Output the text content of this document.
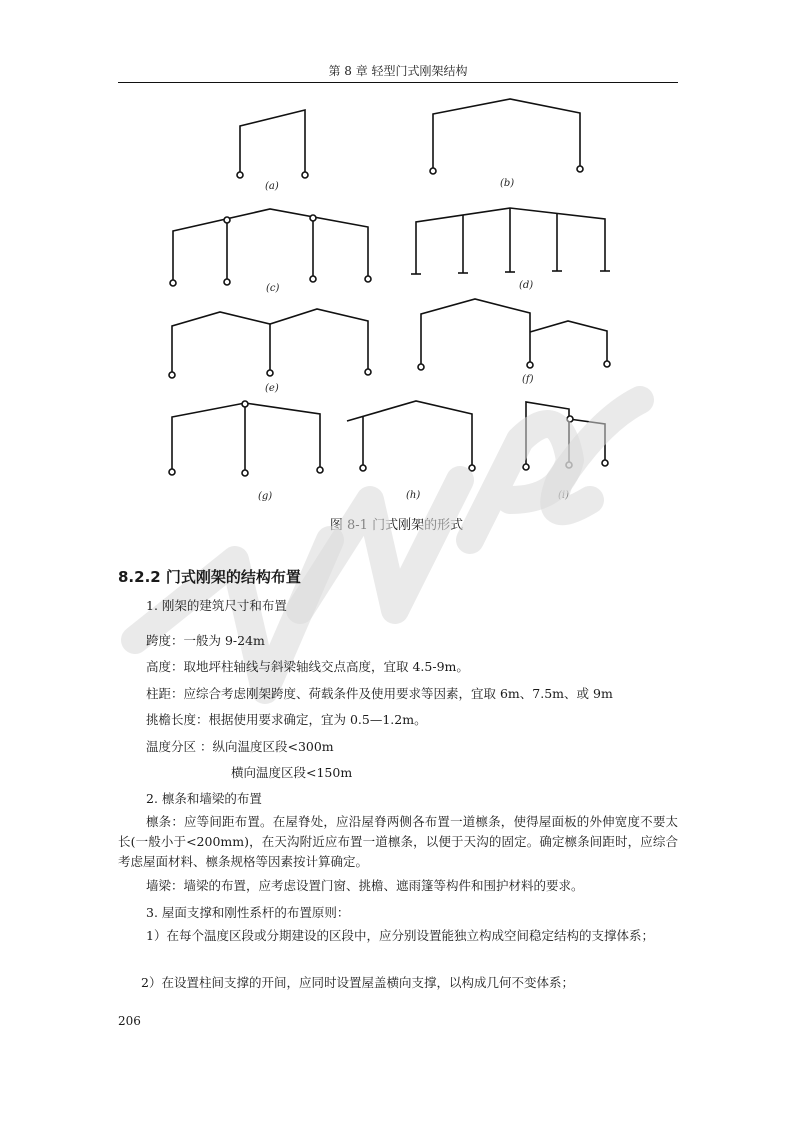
第 8 章 轻型门式刚架结构
(a)	(b)
(c)	(d)
(e)
(f)
(g)	(h)	(i)
图 8-1 门式刚架的形式
8.2.2 门式刚架的结构布置
1. 刚架的建筑尺寸和布置
跨度：一般为 9-24m
高度：取地坪柱轴线与斜梁轴线交点高度，宜取 4.5-9m。
柱距：应综合考虑刚架跨度、荷载条件及使用要求等因素，宜取 6m、7.5m、或 9m
挑檐长度：根据使用要求确定，宜为 0.5—1.2m。
温度分区 ：纵向温度区段<300m
横向温度区段<150m
2. 檩条和墙梁的布置
檩条：应等间距布置。在屋脊处，应沿屋脊两侧各布置一道檩条，使得屋面板的外伸宽度不要太长(一般小于<200mm)，在天沟附近应布置一道檩条，以便于天沟的固定。确定檩条间距时，应综合考虑屋面材料、檩条规格等因素按计算确定。
墙梁：墙梁的布置，应考虑设置门窗、挑檐、遮雨篷等构件和围护材料的要求。
3. 屋面支撑和刚性系杆的布置原则：
1）在每个温度区段或分期建设的区段中，应分别设置能独立构成空间稳定结构的支撑体系；
2）在设置柱间支撑的开间，应同时设置屋盖横向支撑，以构成几何不变体系；
206
